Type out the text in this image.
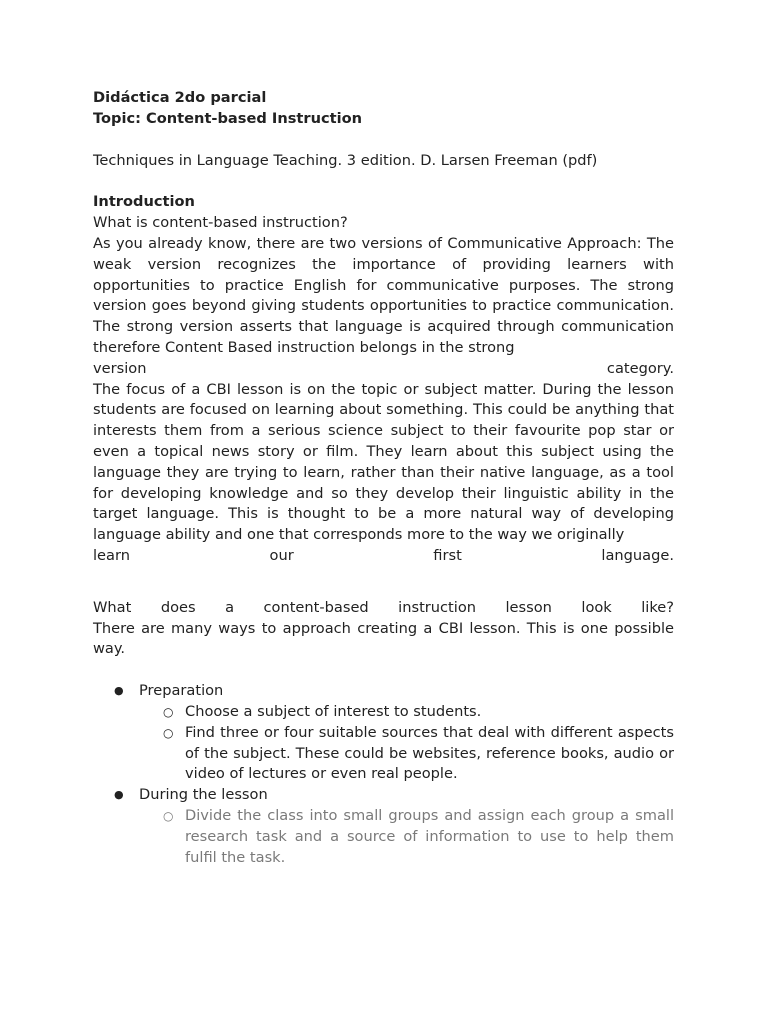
Didáctica 2do parcial
Topic: Content-based Instruction
Techniques in Language Teaching. 3 edition. D. Larsen Freeman (pdf)
Introduction
What is content-based instruction?
As you already know, there are two versions of Communicative Approach: The weak version recognizes the importance of providing learners with opportunities to practice English for communicative purposes. The strong version goes beyond giving students opportunities to practice communication. The strong version asserts that language is acquired through communication therefore Content Based instruction belongs in the strong
version category.
The focus of a CBI lesson is on the topic or subject matter. During the lesson students are focused on learning about something. This could be anything that interests them from a serious science subject to their favourite pop star or even a topical news story or film. They learn about this subject using the language they are trying to learn, rather than their native language, as a tool for developing knowledge and so they develop their linguistic ability in the target language. This is thought to be a more natural way of developing language ability and one that corresponds more to the way we originally
learn our first language.
What does a content-based instruction lesson look like?
There are many ways to approach creating a CBI lesson. This is one possible way.
● Preparation
○ Choose a subject of interest to students.
○ Find three or four suitable sources that deal with different aspects of the subject. These could be websites, reference books, audio or video of lectures or even real people.
● During the lesson
○ Divide the class into small groups and assign each group a small research task and a source of information to use to help them fulfil the task.
